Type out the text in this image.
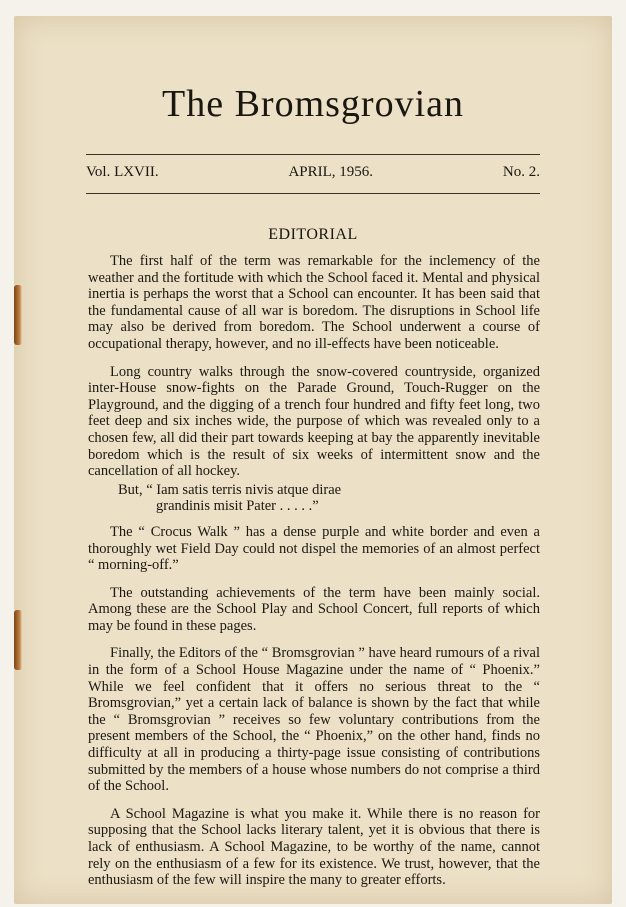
The Bromsgrovian
Vol. LXVII.	APRIL, 1956.	No. 2.
EDITORIAL

The first half of the term was remarkable for the inclemency of the weather and the fortitude with which the School faced it. Mental and physical inertia is perhaps the worst that a School can encounter. It has been said that the fundamental cause of all war is boredom. The disruptions in School life may also be derived from boredom. The School underwent a course of occupational therapy, however, and no ill-effects have been noticeable.

Long country walks through the snow-covered countryside, organized inter-House snow-fights on the Parade Ground, Touch-Rugger on the Playground, and the digging of a trench four hundred and fifty feet long, two feet deep and six inches wide, the purpose of which was revealed only to a chosen few, all did their part towards keeping at bay the apparently inevitable boredom which is the result of six weeks of intermittent snow and the cancellation of all hockey.

But, “ Iam satis terris nivis atque dirae
grandinis misit Pater . . . . .”

The “ Crocus Walk ” has a dense purple and white border and even a thoroughly wet Field Day could not dispel the memories of an almost perfect “ morning-off.”

The outstanding achievements of the term have been mainly social. Among these are the School Play and School Concert, full reports of which may be found in these pages.

Finally, the Editors of the “ Bromsgrovian ” have heard rumours of a rival in the form of a School House Magazine under the name of “ Phoenix.” While we feel confident that it offers no serious threat to the “ Bromsgrovian,” yet a certain lack of balance is shown by the fact that while the “ Bromsgrovian ” receives so few voluntary contributions from the present members of the School, the “ Phoenix,” on the other hand, finds no difficulty at all in producing a thirty-page issue consisting of contributions submitted by the members of a house whose numbers do not comprise a third of the School.

A School Magazine is what you make it. While there is no reason for supposing that the School lacks literary talent, yet it is obvious that there is lack of enthusiasm. A School Magazine, to be worthy of the name, cannot rely on the enthusiasm of a few for its existence. We trust, however, that the enthusiasm of the few will inspire the many to greater efforts.
